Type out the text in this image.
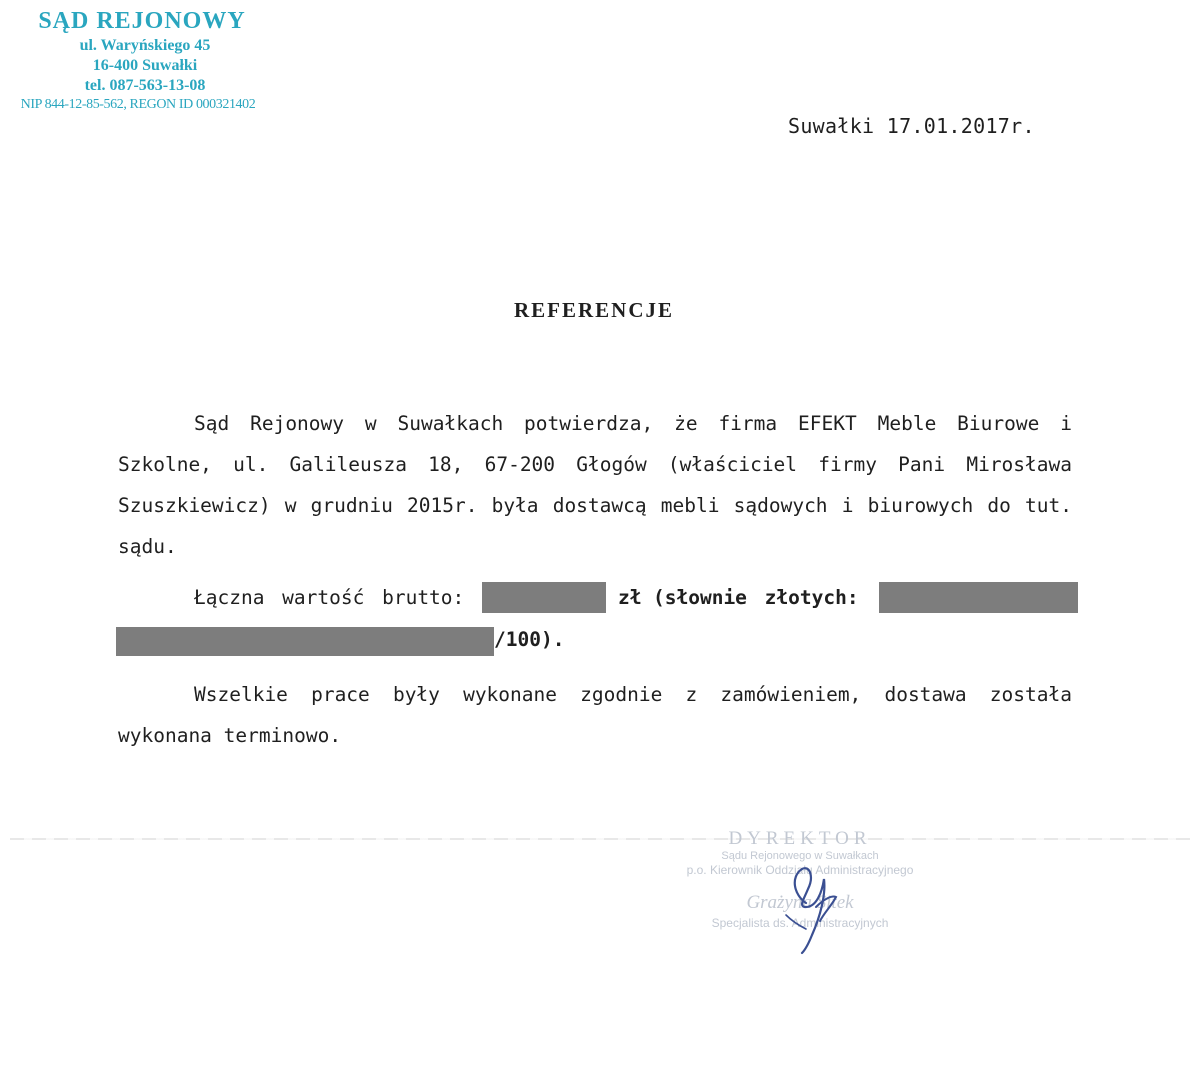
SĄD REJONOWY
ul. Waryńskiego 45
16-400 Suwałki
tel. 087-563-13-08
NIP 844-12-85-562, REGON ID 000321402
Suwałki 17.01.2017r.
REFERENCJE
Sąd Rejonowy w Suwałkach potwierdza, że firma EFEKT Meble Biurowe i Szkolne, ul. Galileusza 18, 67-200 Głogów (właściciel firmy Pani Mirosława Szuszkiewicz) w grudniu 2015r. była dostawcą mebli sądowych i biurowych do tut. sądu.
Łączna wartość brutto:	zł (słownie złotych:
/100).
Wszelkie prace były wykonane zgodnie z zamówieniem, dostawa została wykonana terminowo.
DYREKTOR
Sądu Rejonowego w Suwałkach
p.o. Kierownik Oddziału Administracyjnego
Grażyna Sitek
Specjalista ds. Administracyjnych
